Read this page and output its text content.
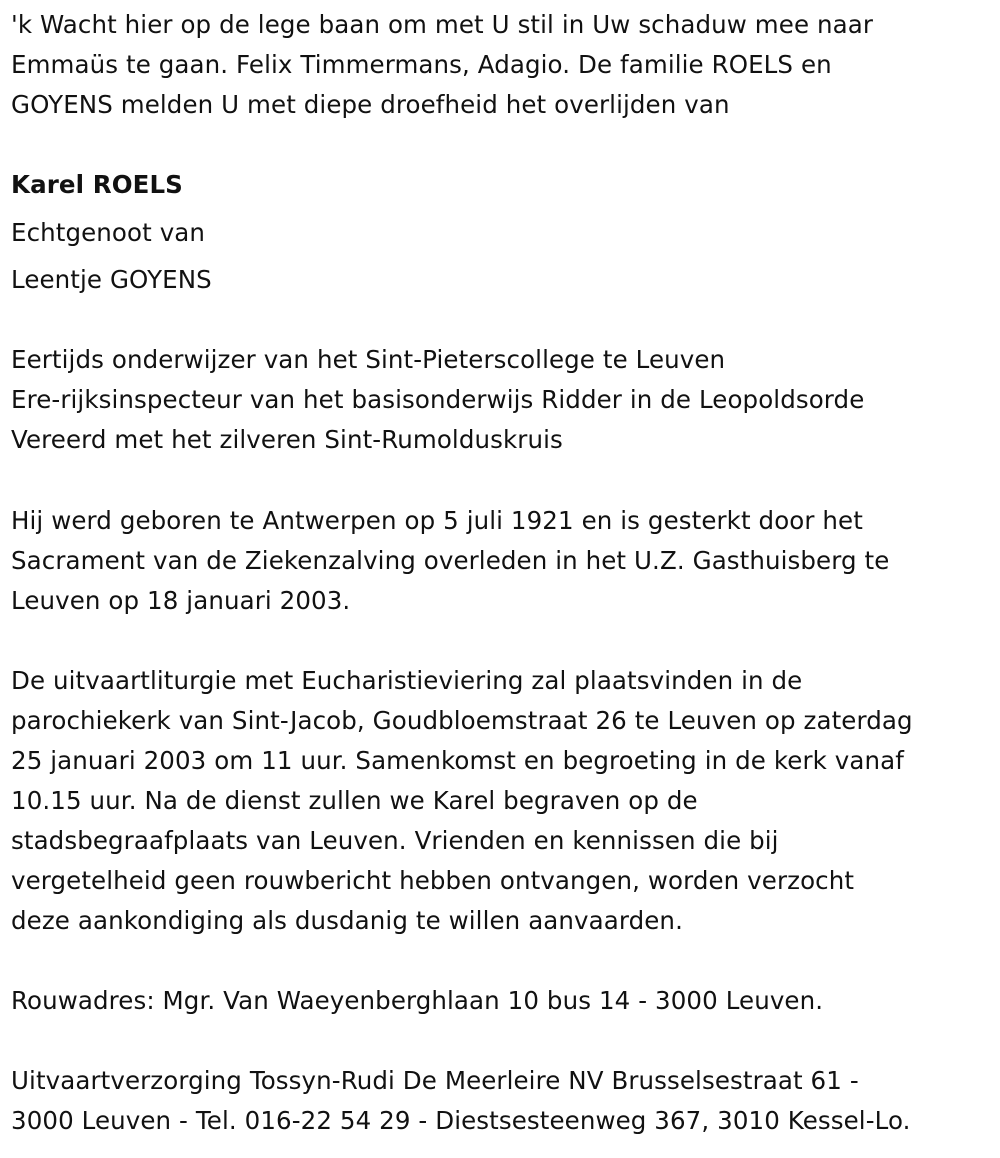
'k Wacht hier op de lege baan om met U stil in Uw schaduw mee naar

Emmaüs te gaan. Felix Timmermans, Adagio. De familie ROELS en

GOYENS melden U met diepe droefheid het overlijden van

Karel ROELS

Echtgenoot van

Leentje GOYENS

Eertijds onderwijzer van het Sint-Pieterscollege te Leuven

Ere-rijksinspecteur van het basisonderwijs Ridder in de Leopoldsorde

Vereerd met het zilveren Sint-Rumolduskruis

Hij werd geboren te Antwerpen op 5 juli 1921 en is gesterkt door het

Sacrament van de Ziekenzalving overleden in het U.Z. Gasthuisberg te

Leuven op 18 januari 2003.

De uitvaartliturgie met Eucharistieviering zal plaatsvinden in de

parochiekerk van Sint-Jacob, Goudbloemstraat 26 te Leuven op zaterdag

25 januari 2003 om 11 uur. Samenkomst en begroeting in de kerk vanaf

10.15 uur. Na de dienst zullen we Karel begraven op de

stadsbegraafplaats van Leuven. Vrienden en kennissen die bij

vergetelheid geen rouwbericht hebben ontvangen, worden verzocht

deze aankondiging als dusdanig te willen aanvaarden.

Rouwadres: Mgr. Van Waeyenberghlaan 10 bus 14 - 3000 Leuven.

Uitvaartverzorging Tossyn-Rudi De Meerleire NV Brusselsestraat 61 -

3000 Leuven - Tel. 016-22 54 29 - Diestsesteenweg 367, 3010 Kessel-Lo.
